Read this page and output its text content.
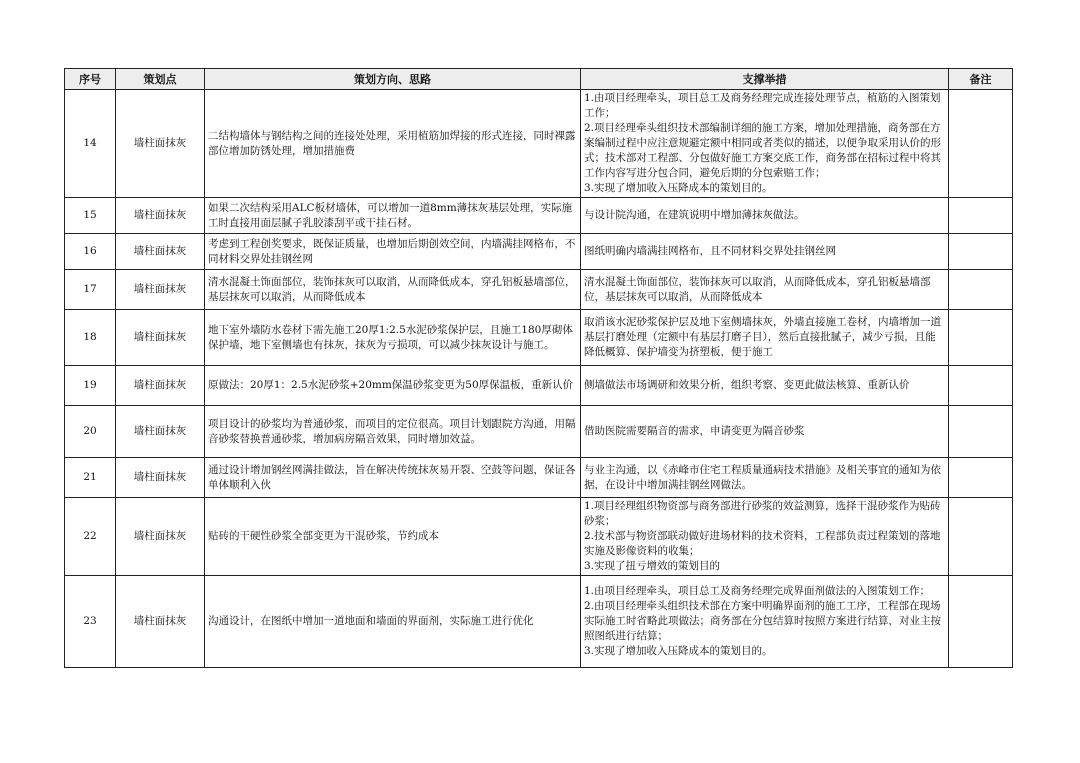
序号	策划点	策划方向、思路	支撑举措	备注
14	墙柱面抹灰	二结构墙体与钢结构之间的连接处处理，采用植筋加焊接的形式连接，同时裸露部位增加防锈处理，增加措施费	1.由项目经理牵头，项目总工及商务经理完成连接处理节点，植筋的入图策划工作；
2.项目经理牵头组织技术部编制详细的施工方案，增加处理措施，商务部在方案编制过程中应注意规避定额中相同或者类似的描述，以便争取采用认价的形式；技术部对工程部、分包做好施工方案交底工作，商务部在招标过程中将其工作内容写进分包合同，避免后期的分包索赔工作；
3.实现了增加收入压降成本的策划目的。	

15	墙柱面抹灰	如果二次结构采用ALC板材墙体，可以增加一道8mm薄抹灰基层处理，实际施工时直接用面层腻子乳胶漆刮平或干挂石材。	与设计院沟通，在建筑说明中增加薄抹灰做法。	

16	墙柱面抹灰	考虑到工程创奖要求，既保证质量，也增加后期创效空间，内墙满挂网格布，不同材料交界处挂钢丝网	图纸明确内墙满挂网格布，且不同材料交界处挂钢丝网	

17	墙柱面抹灰	清水混凝土饰面部位，装饰抹灰可以取消，从而降低成本，穿孔铝板悬墙部位，基层抹灰可以取消，从而降低成本	清水混凝土饰面部位，装饰抹灰可以取消，从而降低成本，穿孔铝板悬墙部位，基层抹灰可以取消，从而降低成本	

18	墙柱面抹灰	地下室外墙防水卷材下需先施工20厚1:2.5水泥砂浆保护层，且施工180厚砌体保护墙，地下室侧墙也有抹灰，抹灰为亏损项，可以减少抹灰设计与施工。	取消该水泥砂浆保护层及地下室侧墙抹灰，外墙直接施工卷材，内墙增加一道基层打磨处理（定额中有基层打磨子目），然后直接批腻子，减少亏损，且能降低概算、保护墙变为挤塑板，便于施工	

19	墙柱面抹灰	原做法：20厚1：2.5水泥砂浆+20mm保温砂浆变更为50厚保温板，重新认价	侧墙做法市场调研和效果分析，组织考察、变更此做法核算、重新认价	

20	墙柱面抹灰	项目设计的砂浆均为普通砂浆，而项目的定位很高。项目计划跟院方沟通，用隔音砂浆替换普通砂浆，增加病房隔音效果，同时增加效益。	借助医院需要隔音的需求，申请变更为隔音砂浆	

21	墙柱面抹灰	通过设计增加钢丝网满挂做法，旨在解决传统抹灰易开裂、空鼓等问题，保证各单体顺利入伙	与业主沟通，以《赤峰市住宅工程质量通病技术措施》及相关事宜的通知为依据，在设计中增加满挂钢丝网做法。	

22	墙柱面抹灰	贴砖的干硬性砂浆全部变更为干混砂浆，节约成本	1.项目经理组织物资部与商务部进行砂浆的效益测算，选择干混砂浆作为贴砖砂浆；
2.技术部与物资部联动做好进场材料的技术资料，工程部负责过程策划的落地实施及影像资料的收集；
3.实现了扭亏增效的策划目的	

23	墙柱面抹灰	沟通设计，在图纸中增加一道地面和墙面的界面剂，实际施工进行优化	1.由项目经理牵头，项目总工及商务经理完成界面剂做法的入图策划工作；
2.由项目经理牵头组织技术部在方案中明确界面剂的施工工序，工程部在现场实际施工时省略此项做法；商务部在分包结算时按照方案进行结算，对业主按照图纸进行结算；
3.实现了增加收入压降成本的策划目的。	
